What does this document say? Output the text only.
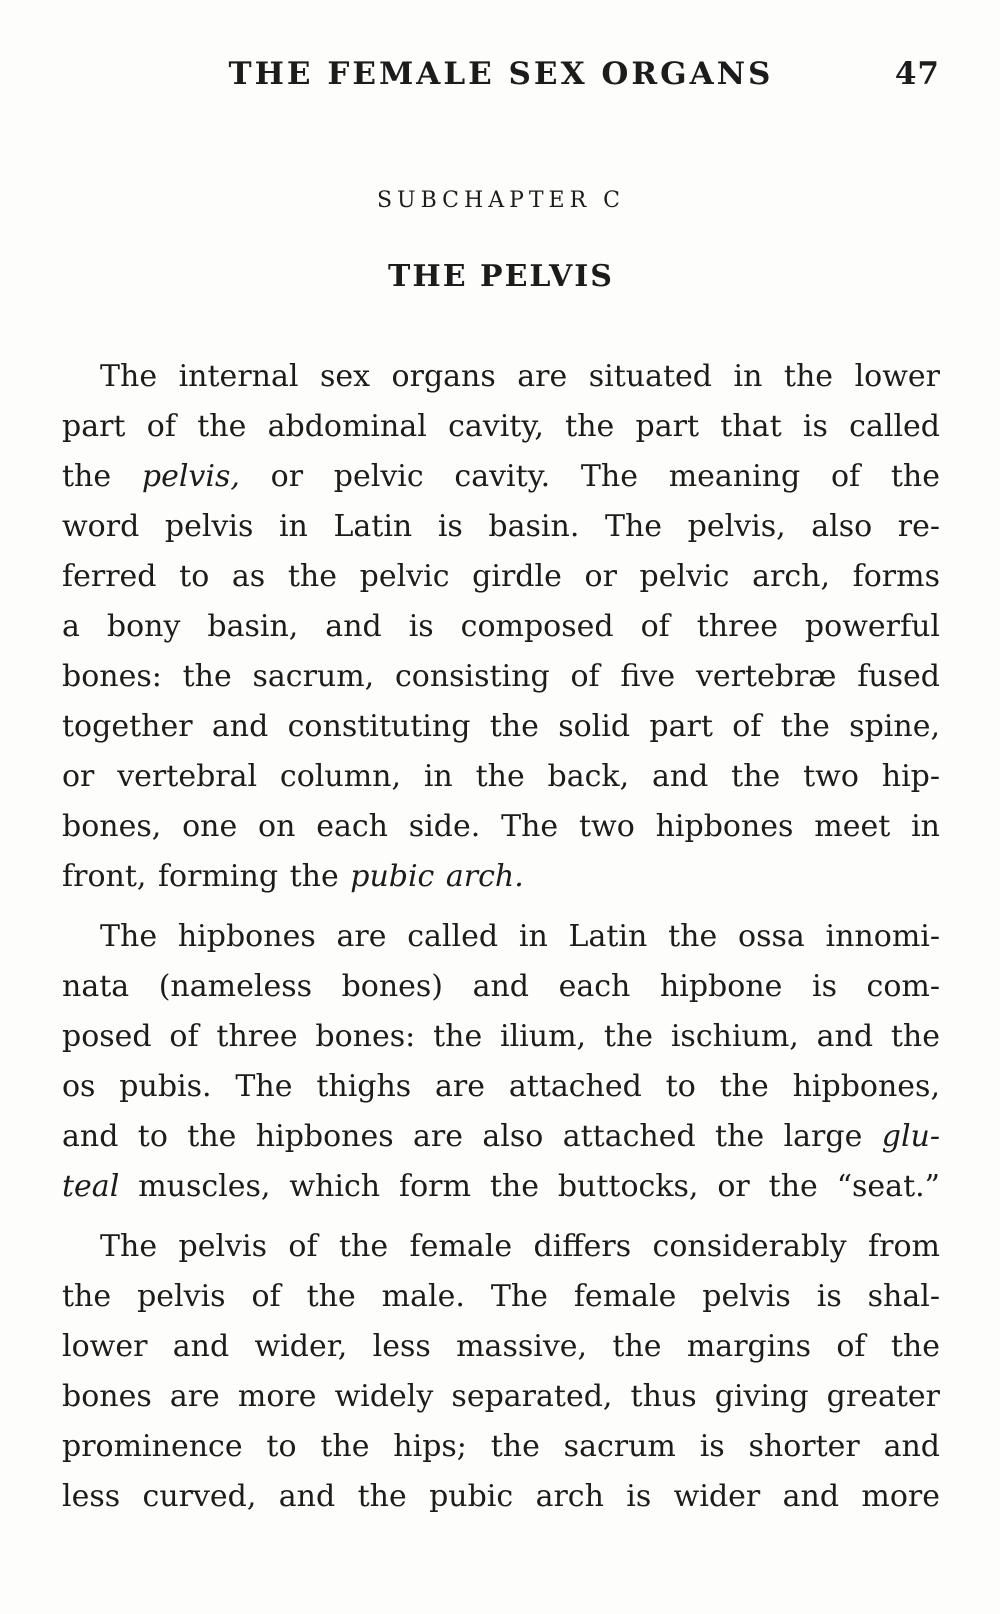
THE FEMALE SEX ORGANS	47
SUBCHAPTER C
THE PELVIS
The internal sex organs are situated in the lower
part of the abdominal cavity, the part that is called
the pelvis, or pelvic cavity. The meaning of the
word pelvis in Latin is basin. The pelvis, also re-
ferred to as the pelvic girdle or pelvic arch, forms
a bony basin, and is composed of three powerful
bones: the sacrum, consisting of five vertebræ fused
together and constituting the solid part of the spine,
or vertebral column, in the back, and the two hip-
bones, one on each side. The two hipbones meet in
front, forming the pubic arch.
The hipbones are called in Latin the ossa innomi-
nata (nameless bones) and each hipbone is com-
posed of three bones: the ilium, the ischium, and the
os pubis. The thighs are attached to the hipbones,
and to the hipbones are also attached the large glu-
teal muscles, which form the buttocks, or the “seat.”
The pelvis of the female differs considerably from
the pelvis of the male. The female pelvis is shal-
lower and wider, less massive, the margins of the
bones are more widely separated, thus giving greater
prominence to the hips; the sacrum is shorter and
less curved, and the pubic arch is wider and more
